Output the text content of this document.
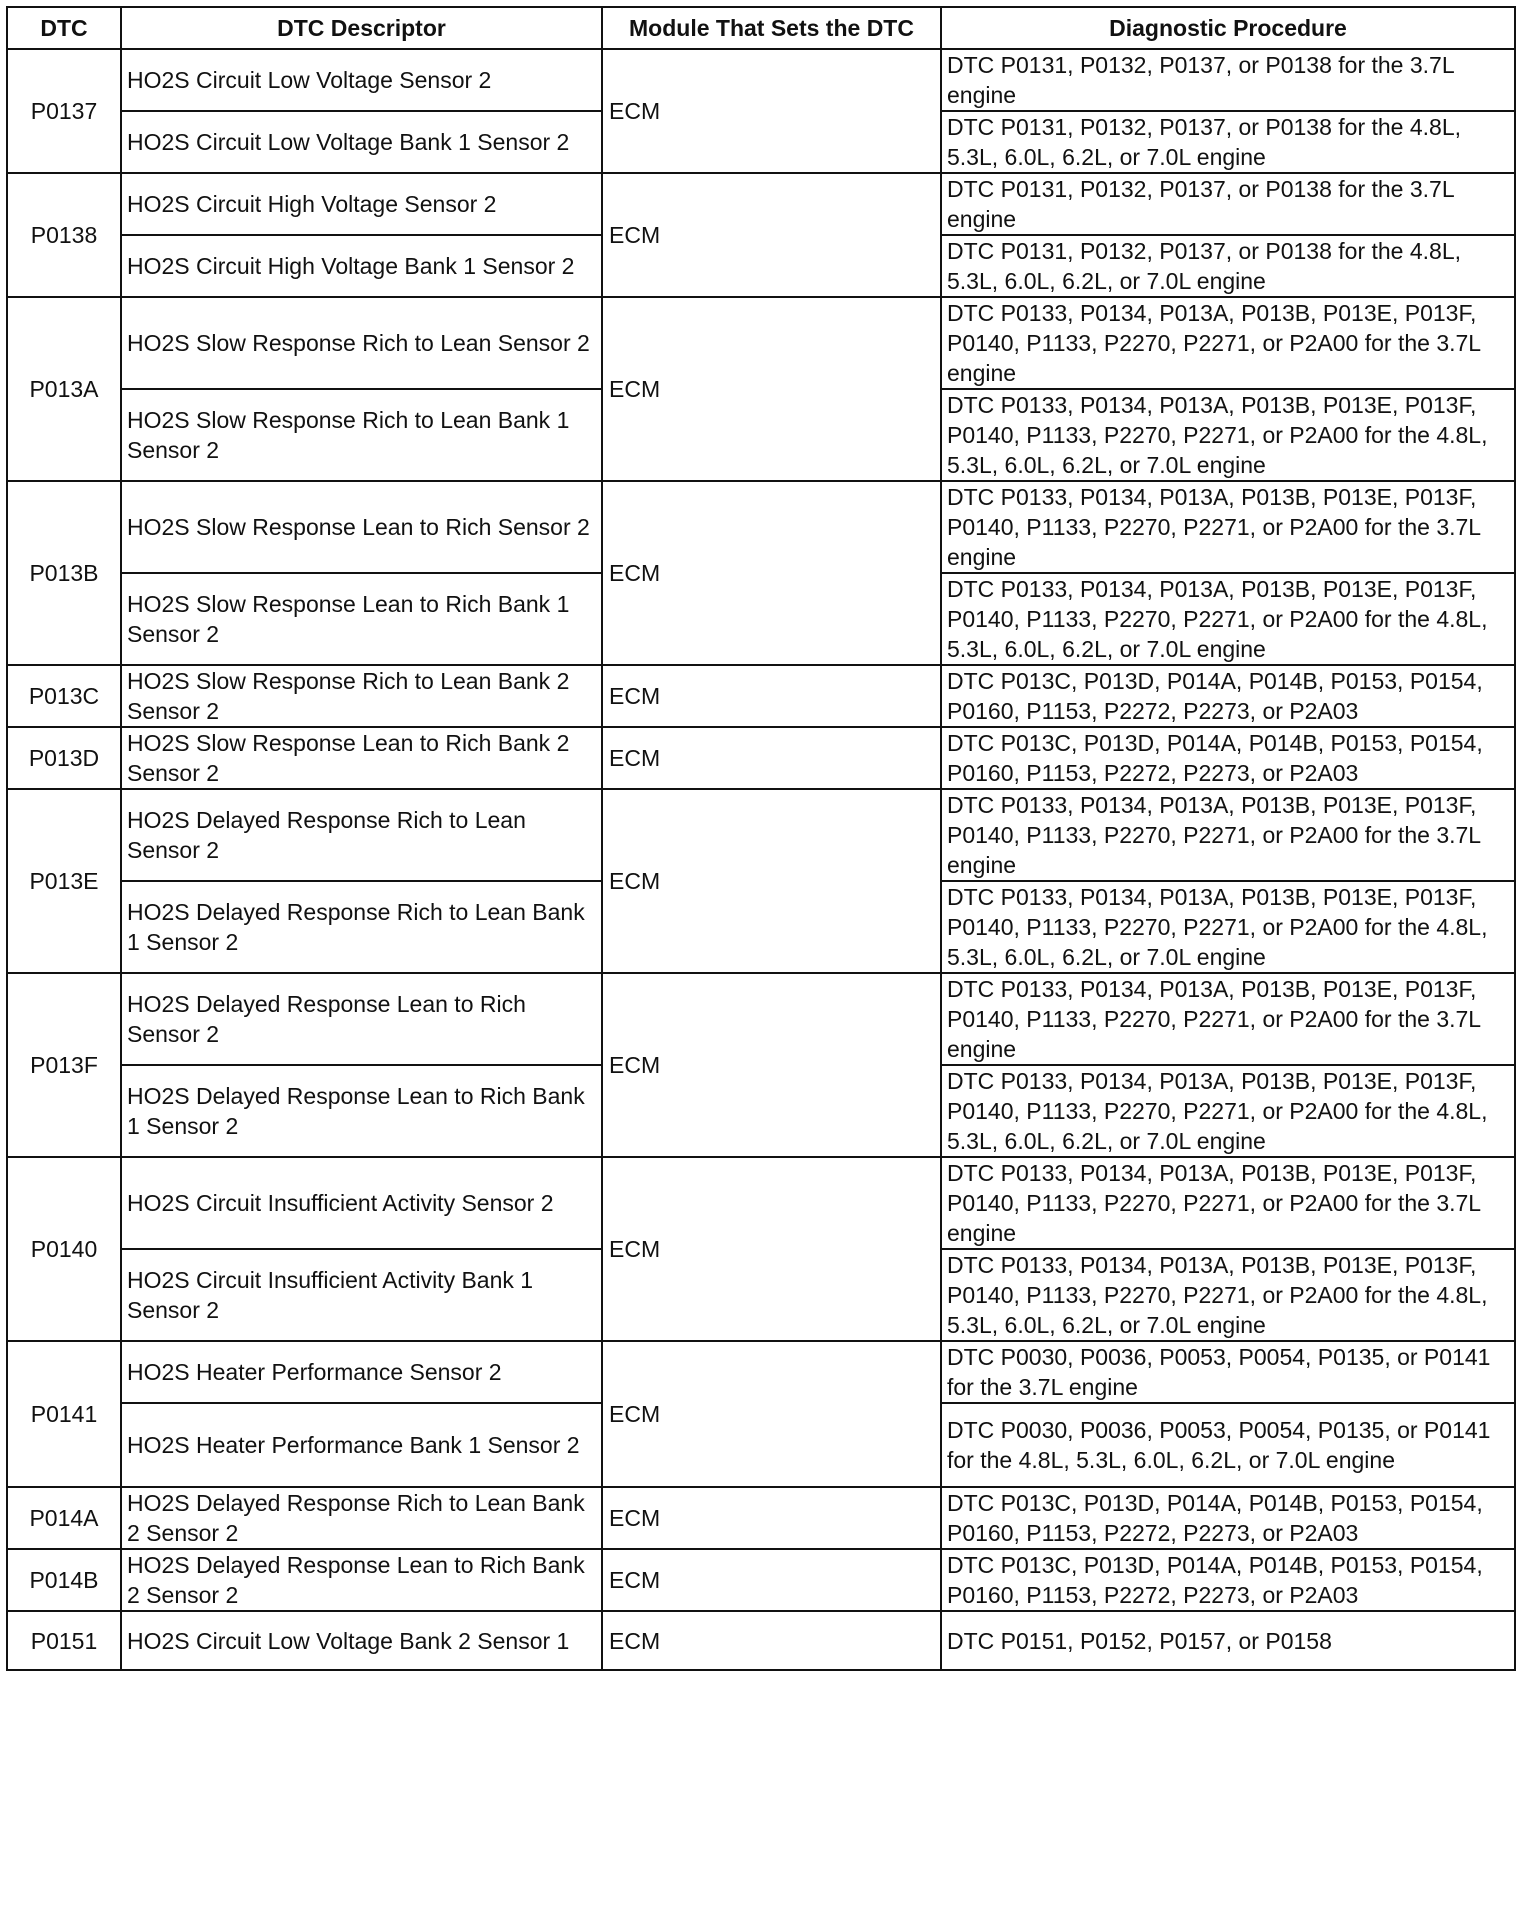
DTC	DTC Descriptor	Module That Sets the DTC	Diagnostic Procedure
P0137	HO2S Circuit Low Voltage Sensor 2	ECM	DTC P0131, P0132, P0137, or P0138 for the 3.7L engine
	HO2S Circuit Low Voltage Bank 1 Sensor 2		DTC P0131, P0132, P0137, or P0138 for the 4.8L, 5.3L, 6.0L, 6.2L, or 7.0L engine
P0138	HO2S Circuit High Voltage Sensor 2	ECM	DTC P0131, P0132, P0137, or P0138 for the 3.7L engine
	HO2S Circuit High Voltage Bank 1 Sensor 2		DTC P0131, P0132, P0137, or P0138 for the 4.8L, 5.3L, 6.0L, 6.2L, or 7.0L engine
P013A	HO2S Slow Response Rich to Lean Sensor 2	ECM	DTC P0133, P0134, P013A, P013B, P013E, P013F, P0140, P1133, P2270, P2271, or P2A00 for the 3.7L engine
	HO2S Slow Response Rich to Lean Bank 1 Sensor 2		DTC P0133, P0134, P013A, P013B, P013E, P013F, P0140, P1133, P2270, P2271, or P2A00 for the 4.8L, 5.3L, 6.0L, 6.2L, or 7.0L engine
P013B	HO2S Slow Response Lean to Rich Sensor 2	ECM	DTC P0133, P0134, P013A, P013B, P013E, P013F, P0140, P1133, P2270, P2271, or P2A00 for the 3.7L engine
	HO2S Slow Response Lean to Rich Bank 1 Sensor 2		DTC P0133, P0134, P013A, P013B, P013E, P013F, P0140, P1133, P2270, P2271, or P2A00 for the 4.8L, 5.3L, 6.0L, 6.2L, or 7.0L engine
P013C	HO2S Slow Response Rich to Lean Bank 2 Sensor 2	ECM	DTC P013C, P013D, P014A, P014B, P0153, P0154, P0160, P1153, P2272, P2273, or P2A03
P013D	HO2S Slow Response Lean to Rich Bank 2 Sensor 2	ECM	DTC P013C, P013D, P014A, P014B, P0153, P0154, P0160, P1153, P2272, P2273, or P2A03
P013E	HO2S Delayed Response Rich to Lean Sensor 2	ECM	DTC P0133, P0134, P013A, P013B, P013E, P013F, P0140, P1133, P2270, P2271, or P2A00 for the 3.7L engine
	HO2S Delayed Response Rich to Lean Bank 1 Sensor 2		DTC P0133, P0134, P013A, P013B, P013E, P013F, P0140, P1133, P2270, P2271, or P2A00 for the 4.8L, 5.3L, 6.0L, 6.2L, or 7.0L engine
P013F	HO2S Delayed Response Lean to Rich Sensor 2	ECM	DTC P0133, P0134, P013A, P013B, P013E, P013F, P0140, P1133, P2270, P2271, or P2A00 for the 3.7L engine
	HO2S Delayed Response Lean to Rich Bank 1 Sensor 2		DTC P0133, P0134, P013A, P013B, P013E, P013F, P0140, P1133, P2270, P2271, or P2A00 for the 4.8L, 5.3L, 6.0L, 6.2L, or 7.0L engine
P0140	HO2S Circuit Insufficient Activity Sensor 2	ECM	DTC P0133, P0134, P013A, P013B, P013E, P013F, P0140, P1133, P2270, P2271, or P2A00 for the 3.7L engine
	HO2S Circuit Insufficient Activity Bank 1 Sensor 2		DTC P0133, P0134, P013A, P013B, P013E, P013F, P0140, P1133, P2270, P2271, or P2A00 for the 4.8L, 5.3L, 6.0L, 6.2L, or 7.0L engine
P0141	HO2S Heater Performance Sensor 2	ECM	DTC P0030, P0036, P0053, P0054, P0135, or P0141 for the 3.7L engine
	HO2S Heater Performance Bank 1 Sensor 2		DTC P0030, P0036, P0053, P0054, P0135, or P0141 for the 4.8L, 5.3L, 6.0L, 6.2L, or 7.0L engine
P014A	HO2S Delayed Response Rich to Lean Bank 2 Sensor 2	ECM	DTC P013C, P013D, P014A, P014B, P0153, P0154, P0160, P1153, P2272, P2273, or P2A03
P014B	HO2S Delayed Response Lean to Rich Bank 2 Sensor 2	ECM	DTC P013C, P013D, P014A, P014B, P0153, P0154, P0160, P1153, P2272, P2273, or P2A03
P0151	HO2S Circuit Low Voltage Bank 2 Sensor 1	ECM	DTC P0151, P0152, P0157, or P0158
